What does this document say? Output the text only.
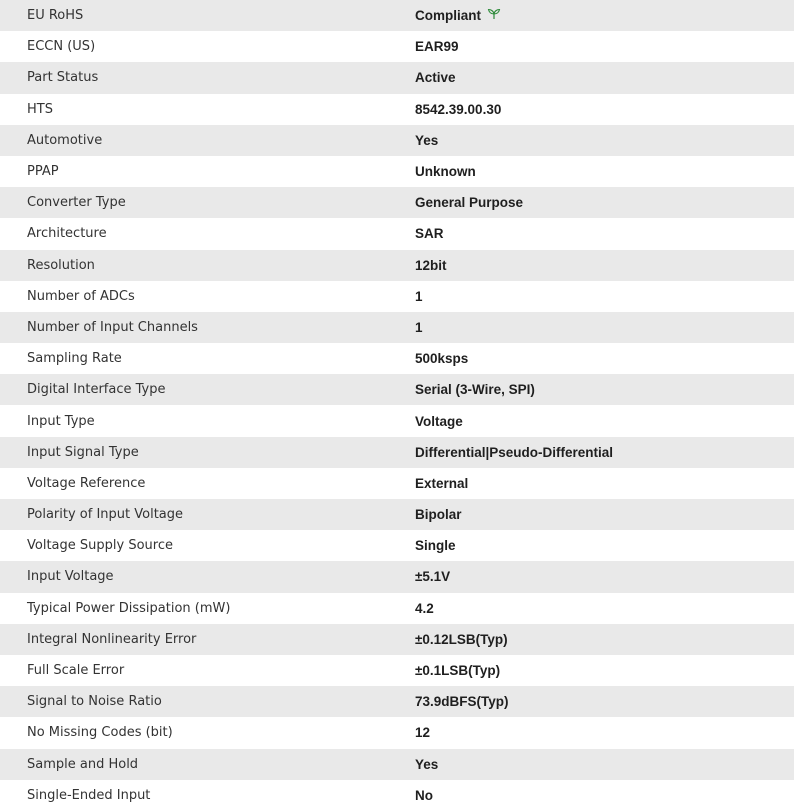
EU RoHS	Compliant
ECCN (US)	EAR99
Part Status	Active
HTS	8542.39.00.30
Automotive	Yes
PPAP	Unknown
Converter Type	General Purpose
Architecture	SAR
Resolution	12bit
Number of ADCs	1
Number of Input Channels	1
Sampling Rate	500ksps
Digital Interface Type	Serial (3-Wire, SPI)
Input Type	Voltage
Input Signal Type	Differential|Pseudo-Differential
Voltage Reference	External
Polarity of Input Voltage	Bipolar
Voltage Supply Source	Single
Input Voltage	±5.1V
Typical Power Dissipation (mW)	4.2
Integral Nonlinearity Error	±0.12LSB(Typ)
Full Scale Error	±0.1LSB(Typ)
Signal to Noise Ratio	73.9dBFS(Typ)
No Missing Codes (bit)	12
Sample and Hold	Yes
Single-Ended Input	No
